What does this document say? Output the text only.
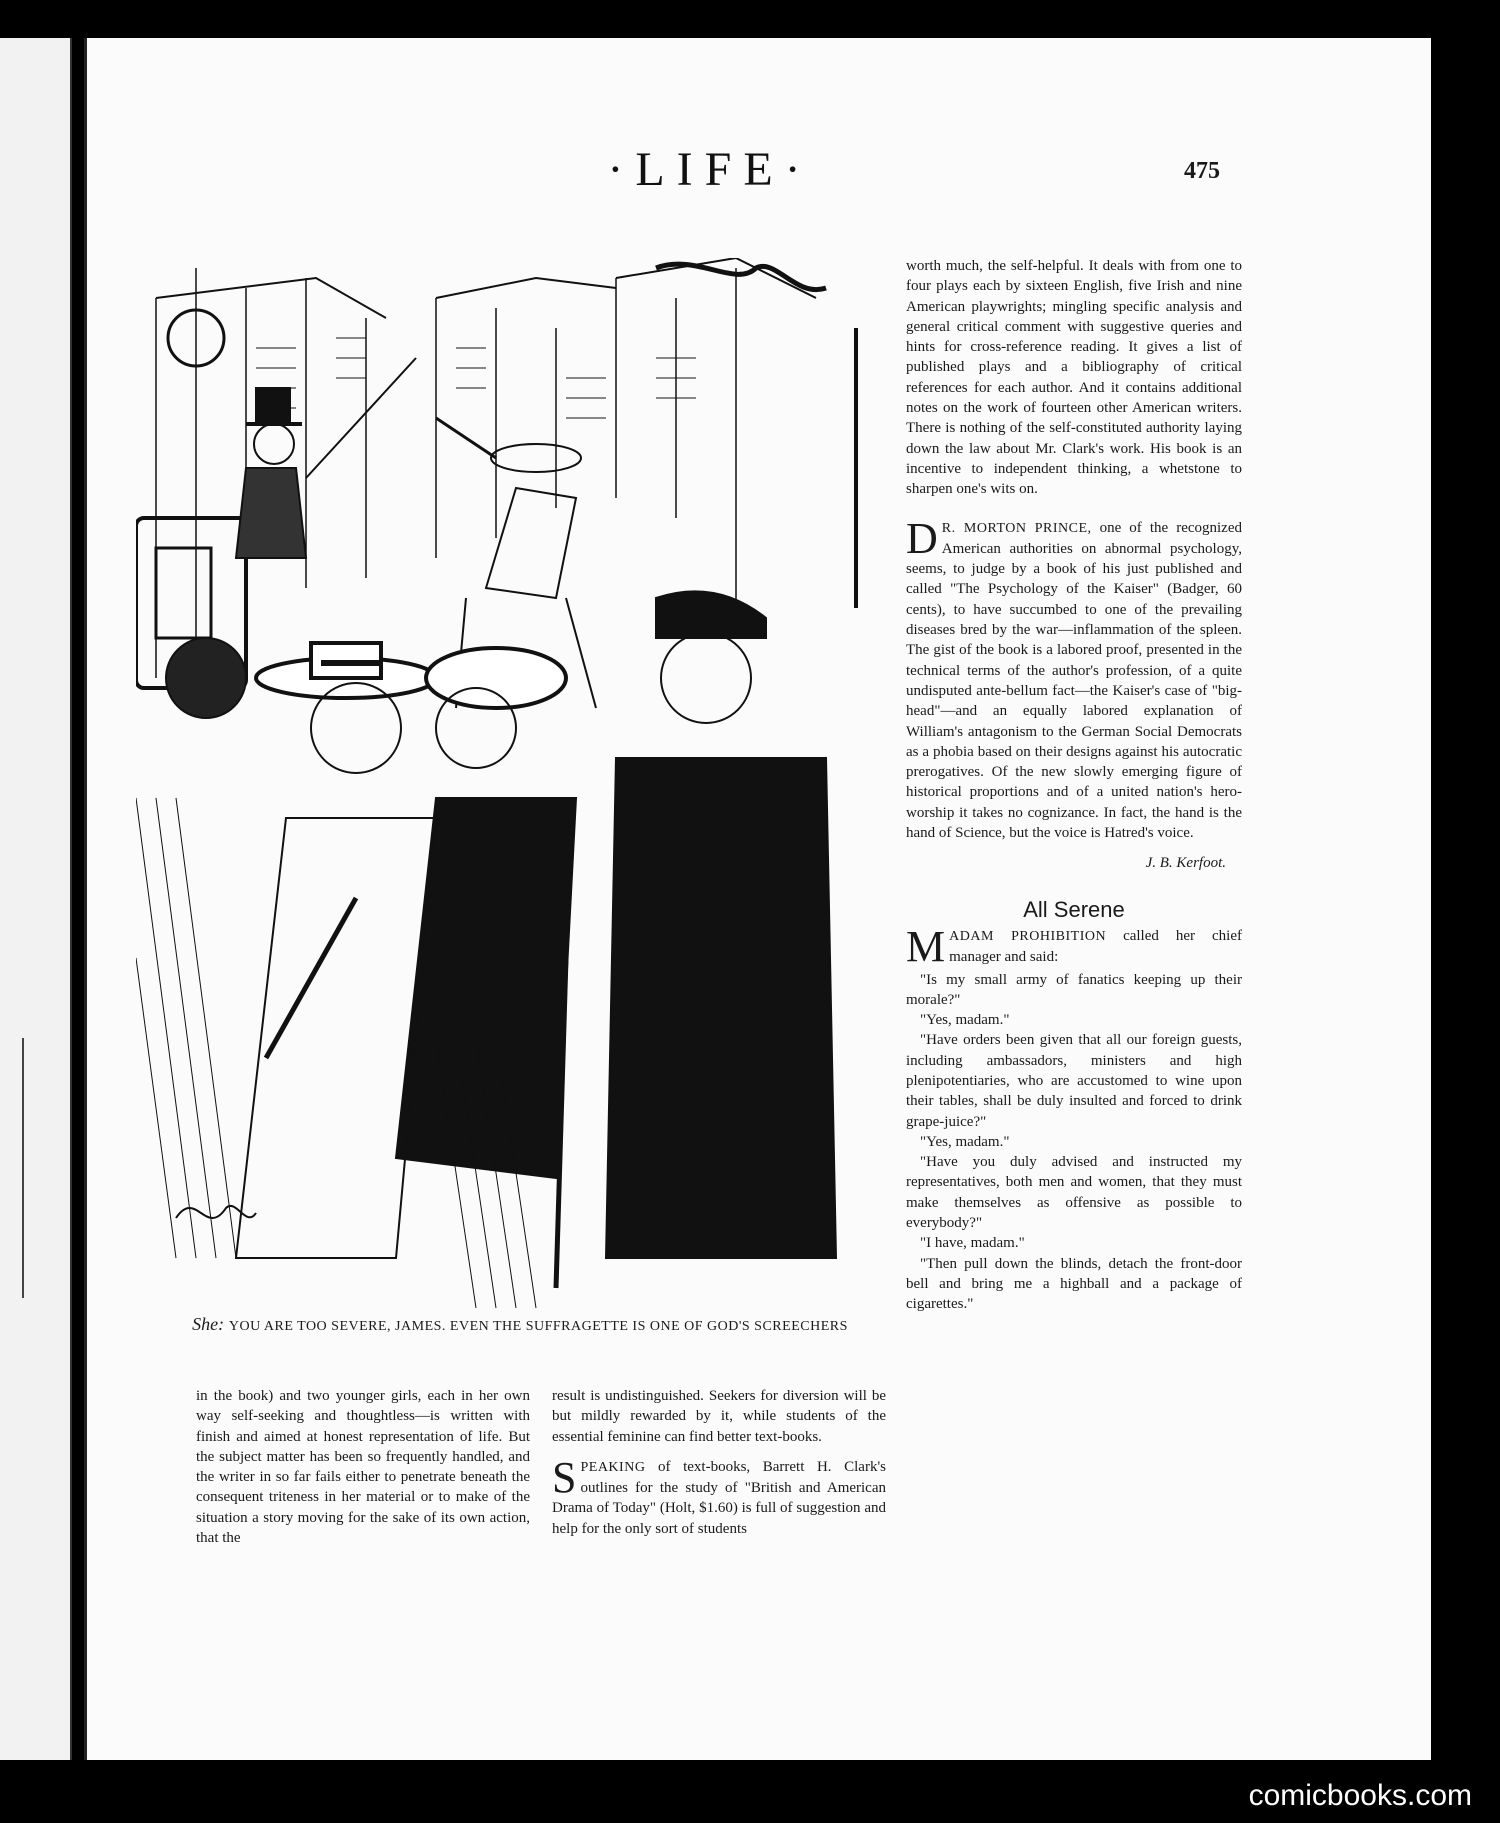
·LIFE·	475
She: YOU ARE TOO SEVERE, JAMES. EVEN THE SUFFRAGETTE IS ONE OF GOD'S SCREECHERS

in the book) and two younger girls, each in her own way self-seeking and thoughtless—is written with finish and aimed at honest representation of life. But the subject matter has been so frequently handled, and the writer in so far fails either to penetrate beneath the consequent triteness in her material or to make of the situation a story moving for the sake of its own action, that the

result is undistinguished. Seekers for diversion will be but mildly rewarded by it, while students of the essential feminine can find better text-books.

SPEAKING of text-books, Barrett H. Clark's outlines for the study of "British and American Drama of Today" (Holt, $1.60) is full of suggestion and help for the only sort of students

worth much, the self-helpful. It deals with from one to four plays each by sixteen English, five Irish and nine American playwrights; mingling specific analysis and general critical comment with suggestive queries and hints for cross-reference reading. It gives a list of published plays and a bibliography of critical references for each author. And it contains additional notes on the work of fourteen other American writers. There is nothing of the self-constituted authority laying down the law about Mr. Clark's work. His book is an incentive to independent thinking, a whetstone to sharpen one's wits on.

D R. MORTON PRINCE, one of the recognized American authorities on abnormal psychology, seems, to judge by a book of his just published and called "The Psychology of the Kaiser" (Badger, 60 cents), to have succumbed to one of the prevailing diseases bred by the war—inflammation of the spleen. The gist of the book is a labored proof, presented in the technical terms of the author's profession, of a quite undisputed ante-bellum fact—the Kaiser's case of "big-head"—and an equally labored explanation of William's antagonism to the German Social Democrats as a phobia based on their designs against his autocratic prerogatives. Of the new slowly emerging figure of historical proportions and of a united nation's hero-worship it takes no cognizance. In fact, the hand is the hand of Science, but the voice is Hatred's voice.

J. B. Kerfoot.

All Serene

MADAM PROHIBITION called her chief manager and said:

"Is my small army of fanatics keeping up their morale?"

"Yes, madam."

"Have orders been given that all our foreign guests, including ambassadors, ministers and high plenipotentiaries, who are accustomed to wine upon their tables, shall be duly insulted and forced to drink grape-juice?"

"Yes, madam."

"Have you duly advised and instructed my representatives, both men and women, that they must make themselves as offensive as possible to everybody?"

"I have, madam."

"Then pull down the blinds, detach the front-door bell and bring me a highball and a package of cigarettes."

comicbooks.com
